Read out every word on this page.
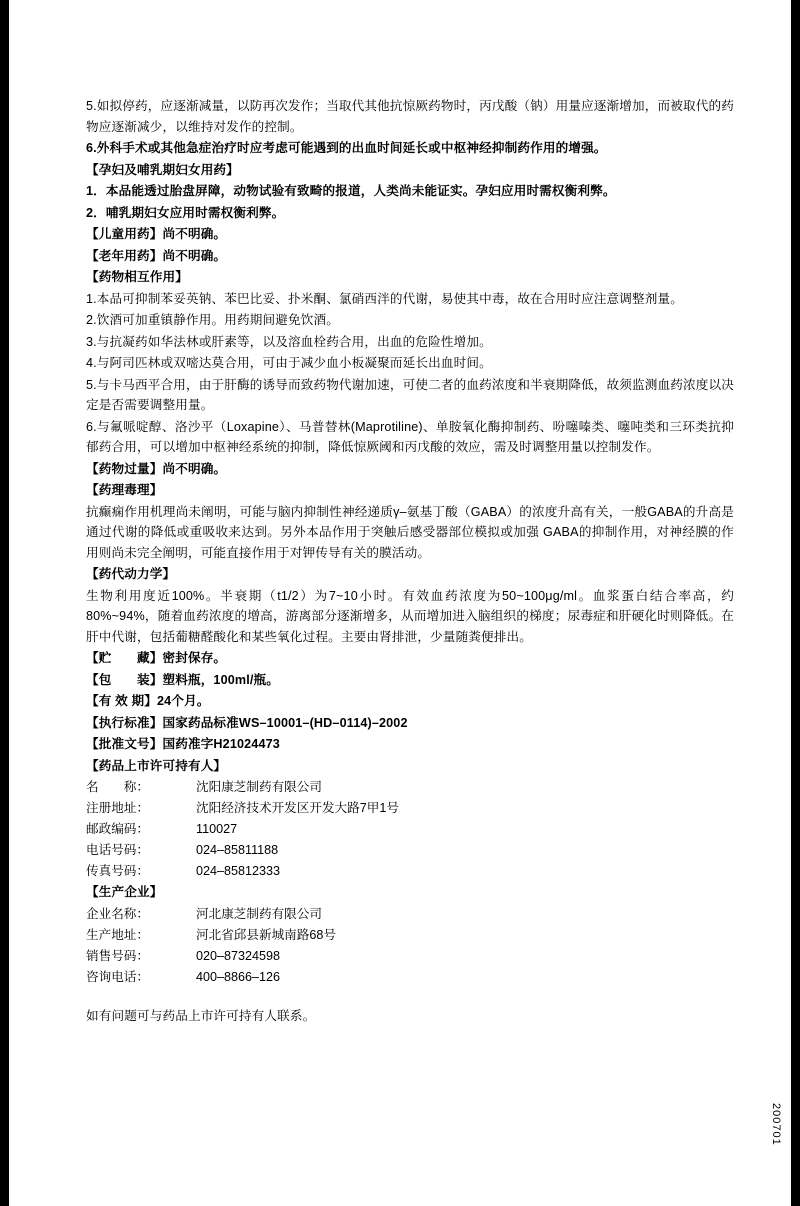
5.如拟停药，应逐渐减量，以防再次发作；当取代其他抗惊厥药物时，丙戊酸（钠）用量应逐渐增加，而被取代的药物应逐渐减少，以维持对发作的控制。

6.外科手术或其他急症治疗时应考虑可能遇到的出血时间延长或中枢神经抑制药作用的增强。

【孕妇及哺乳期妇女用药】

1．本品能透过胎盘屏障，动物试验有致畸的报道，人类尚未能证实。孕妇应用时需权衡利弊。

2．哺乳期妇女应用时需权衡利弊。

【儿童用药】尚不明确。

【老年用药】尚不明确。

【药物相互作用】

1.本品可抑制苯妥英钠、苯巴比妥、扑米酮、氯硝西泮的代谢，易使其中毒，故在合用时应注意调整剂量。

2.饮酒可加重镇静作用。用药期间避免饮酒。

3.与抗凝药如华法林或肝素等，以及溶血栓药合用，出血的危险性增加。

4.与阿司匹林或双嘧达莫合用，可由于减少血小板凝聚而延长出血时间。

5.与卡马西平合用，由于肝酶的诱导而致药物代谢加速，可使二者的血药浓度和半衰期降低，故须监测血药浓度以决定是否需要调整用量。

6.与氟哌啶醇、洛沙平（Loxapine）、马普替林(Maprotiline)、单胺氧化酶抑制药、吩噻嗪类、噻吨类和三环类抗抑郁药合用，可以增加中枢神经系统的抑制，降低惊厥阈和丙戊酸的效应，需及时调整用量以控制发作。

【药物过量】尚不明确。

【药理毒理】

抗癫痫作用机理尚未阐明，可能与脑内抑制性神经递质γ–氨基丁酸（GABA）的浓度升高有关，一般GABA的升高是通过代谢的降低或重吸收来达到。另外本品作用于突触后感受器部位模拟或加强 GABA的抑制作用，对神经膜的作用则尚未完全阐明，可能直接作用于对钾传导有关的膜活动。

【药代动力学】

生物利用度近100%。半衰期（t1/2）为7~10小时。有效血药浓度为50~100μg/ml。血浆蛋白结合率高，约80%~94%，随着血药浓度的增高，游离部分逐渐增多，从而增加进入脑组织的梯度；尿毒症和肝硬化时则降低。在肝中代谢，包括葡糖醛酸化和某些氧化过程。主要由肾排泄，少量随粪便排出。

【贮　　藏】密封保存。

【包　　装】塑料瓶，100ml/瓶。

【有 效 期】24个月。

【执行标准】国家药品标准WS–10001–(HD–0114)–2002

【批准文号】国药准字H21024473

【药品上市许可持有人】

名　　称：	沈阳康芝制药有限公司
注册地址：	沈阳经济技术开发区开发大路7甲1号
邮政编码：	110027
电话号码：	024–85811188
传真号码：	024–85812333

【生产企业】

企业名称：	河北康芝制药有限公司
生产地址：	河北省邱县新城南路68号
销售号码：	020–87324598
咨询电话：	400–8866–126

如有问题可与药品上市许可持有人联系。

200701
